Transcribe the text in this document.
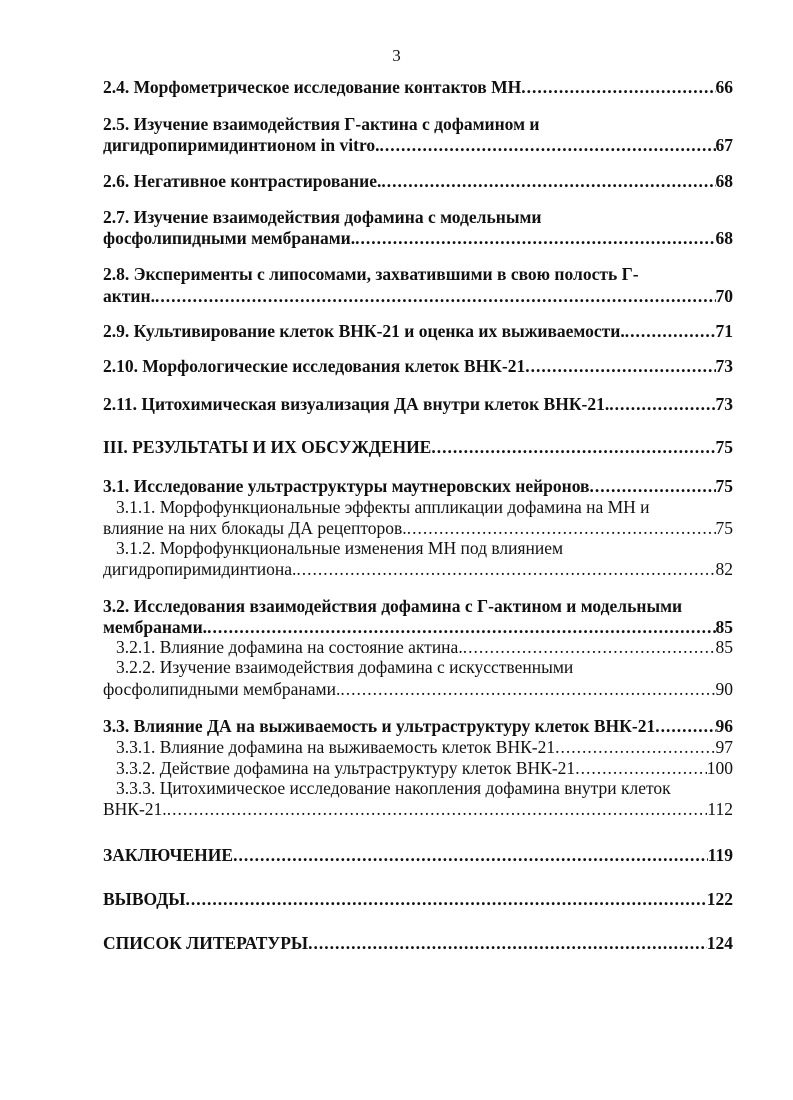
3
2.4. Морфометрическое исследование контактов МН .....	66
2.5. Изучение взаимодействия Г-актина с дофамином и
дигидропиримидинтионом in vitro. .....	67
2.6. Негативное контрастирование. .....	68
2.7. Изучение взаимодействия дофамина с модельными
фосфолипидными мембранами. .....	68
2.8. Эксперименты с липосомами, захватившими в свою полость Г-
актин. .....	70
2.9. Культивирование клеток ВНК-21 и оценка их выживаемости. .....	71
2.10. Морфологические исследования клеток ВНК-21 .....	73
2.11. Цитохимическая визуализация ДА внутри клеток ВНК-21. .....	73
III. РЕЗУЛЬТАТЫ И ИХ ОБСУЖДЕНИЕ .....	75
3.1. Исследование ультраструктуры маутнеровских нейронов .....	75
3.1.1. Морфофункциональные эффекты аппликации дофамина на МН и
влияние на них блокады ДА рецепторов. .....	75
3.1.2. Морфофункциональные изменения МН под влиянием
дигидропиримидинтиона. .....	82
3.2. Исследования взаимодействия дофамина с Г-актином и модельными
мембранами. .....	85
3.2.1. Влияние дофамина на состояние актина. .....	85
3.2.2. Изучение взаимодействия дофамина с искусственными
фосфолипидными мембранами. .....	90
3.3. Влияние ДА на выживаемость и ультраструктуру клеток ВНК-21 .....	96
3.3.1. Влияние дофамина на выживаемость клеток ВНК-21 .....	97
3.3.2. Действие дофамина на ультраструктуру клеток ВНК-21 .....	100
3.3.3. Цитохимическое исследование накопления дофамина внутри клеток
ВНК-21. .....	112
ЗАКЛЮЧЕНИЕ .....	119
ВЫВОДЫ .....	122
СПИСОК ЛИТЕРАТУРЫ .....	124
